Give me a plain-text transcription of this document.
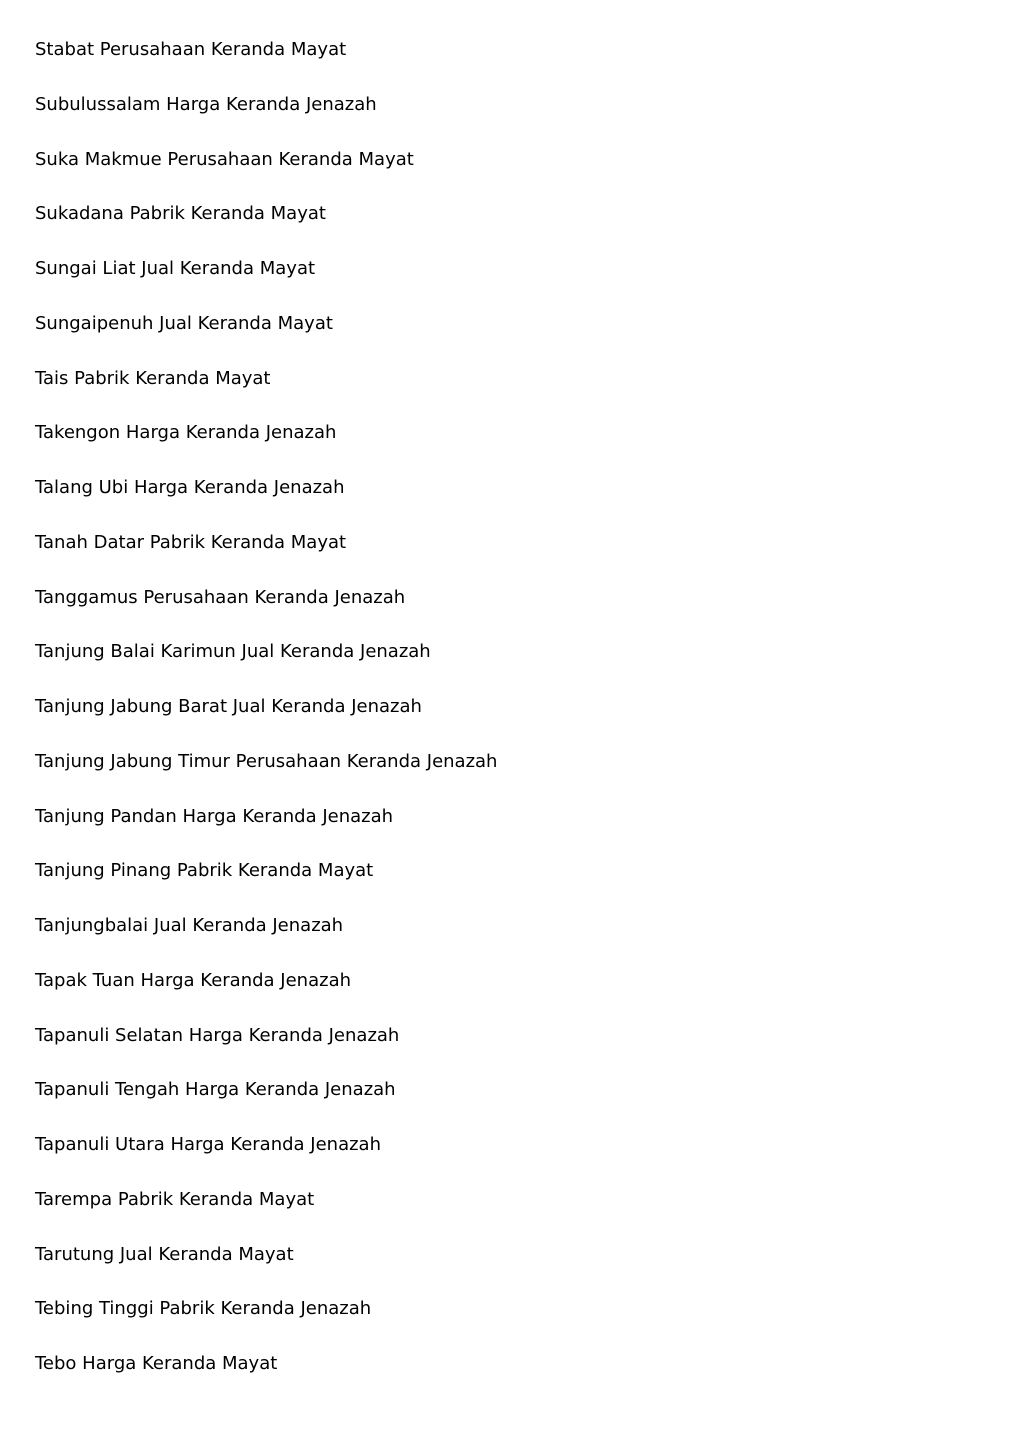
Stabat Perusahaan Keranda Mayat
Subulussalam Harga Keranda Jenazah
Suka Makmue Perusahaan Keranda Mayat
Sukadana Pabrik Keranda Mayat
Sungai Liat Jual Keranda Mayat
Sungaipenuh Jual Keranda Mayat
Tais Pabrik Keranda Mayat
Takengon Harga Keranda Jenazah
Talang Ubi Harga Keranda Jenazah
Tanah Datar Pabrik Keranda Mayat
Tanggamus Perusahaan Keranda Jenazah
Tanjung Balai Karimun Jual Keranda Jenazah
Tanjung Jabung Barat Jual Keranda Jenazah
Tanjung Jabung Timur Perusahaan Keranda Jenazah
Tanjung Pandan Harga Keranda Jenazah
Tanjung Pinang Pabrik Keranda Mayat
Tanjungbalai Jual Keranda Jenazah
Tapak Tuan Harga Keranda Jenazah
Tapanuli Selatan Harga Keranda Jenazah
Tapanuli Tengah Harga Keranda Jenazah
Tapanuli Utara Harga Keranda Jenazah
Tarempa Pabrik Keranda Mayat
Tarutung Jual Keranda Mayat
Tebing Tinggi Pabrik Keranda Jenazah
Tebo Harga Keranda Mayat
